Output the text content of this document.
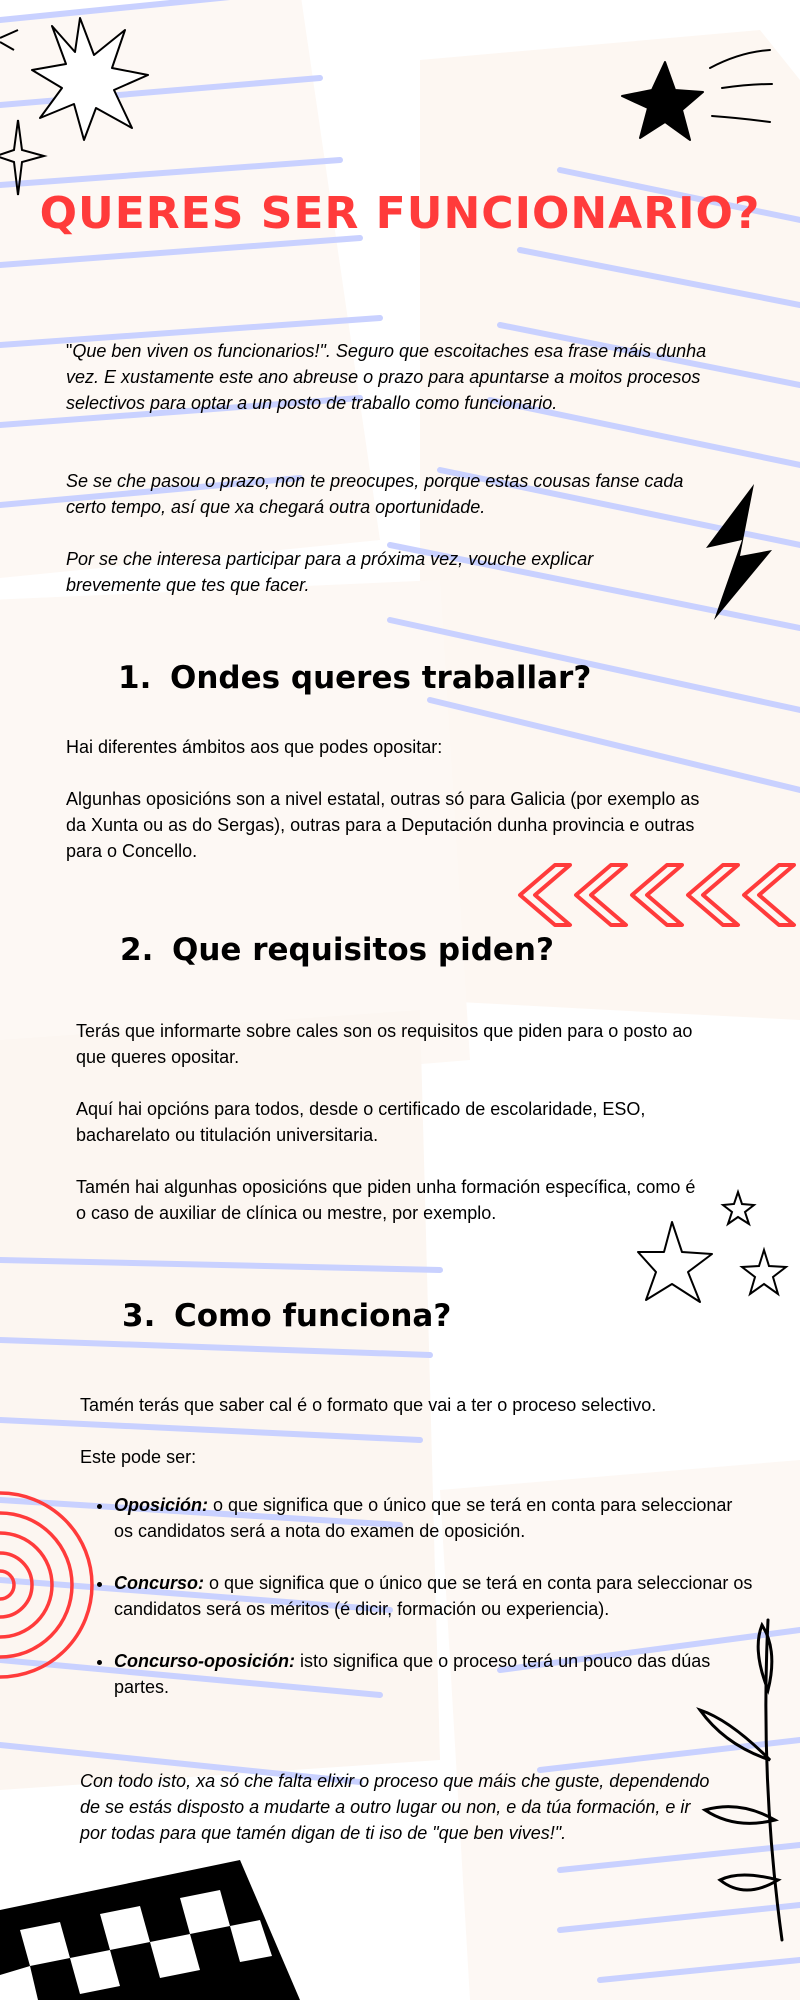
QUERES SER FUNCIONARIO?

"Que ben viven os funcionarios!". Seguro que escoitaches esa frase máis dunha vez. E xustamente este ano abreuse o prazo para apuntarse a moitos procesos selectivos para optar a un posto de traballo como funcionario.

Se se che pasou o prazo, non te preocupes, porque estas cousas fanse cada certo tempo, así que xa chegará outra oportunidade.

Por se che interesa participar para a próxima vez, vouche explicar brevemente que tes que facer.

1. Ondes queres traballar?

Hai diferentes ámbitos aos que podes opositar:

Algunhas oposicións son a nivel estatal, outras só para Galicia (por exemplo as da Xunta ou as do Sergas), outras para a Deputación dunha provincia e outras para o Concello.

2. Que requisitos piden?

Terás que informarte sobre cales son os requisitos que piden para o posto ao que queres opositar.

Aquí hai opcións para todos, desde o certificado de escolaridade, ESO, bacharelato ou titulación universitaria.

Tamén hai algunhas oposicións que piden unha formación específica, como é o caso de auxiliar de clínica ou mestre, por exemplo.

3. Como funciona?

Tamén terás que saber cal é o formato que vai a ter o proceso selectivo.

Este pode ser:

• Oposición: o que significa que o único que se terá en conta para seleccionar os candidatos será a nota do examen de oposición.
• Concurso: o que significa que o único que se terá en conta para seleccionar os candidatos será os méritos (é dicir, formación ou experiencia).
• Concurso-oposición: isto significa que o proceso terá un pouco das dúas partes.

Con todo isto, xa só che falta elixir o proceso que máis che guste, dependendo de se estás disposto a mudarte a outro lugar ou non, e da túa formación, e ir por todas para que tamén digan de ti iso de "que ben vives!".
